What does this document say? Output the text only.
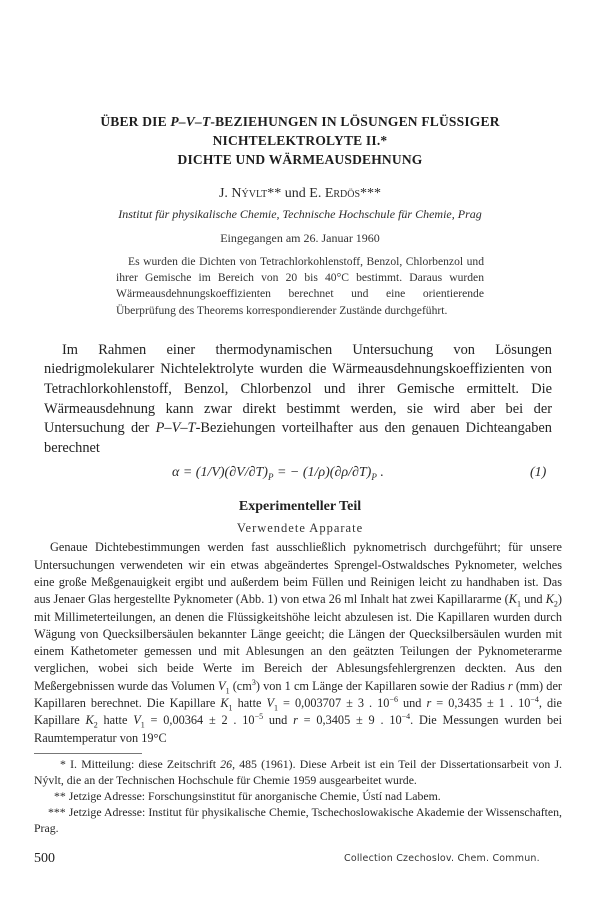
ÜBER DIE P–V–T-BEZIEHUNGEN IN LÖSUNGEN FLÜSSIGER
NICHTELEKTROLYTE II.*
DICHTE UND WÄRMEAUSDEHNUNG
J. Nývlt** und E. Erdös***
Institut für physikalische Chemie, Technische Hochschule für Chemie, Prag
Eingegangen am 26. Januar 1960
Es wurden die Dichten von Tetrachlorkohlenstoff, Benzol, Chlorbenzol und ihrer Gemische im Bereich von 20 bis 40°C bestimmt. Daraus wurden Wärmeausdehnungskoeffizienten berechnet und eine orientierende Überprüfung des Theorems korrespondierender Zustände durchgeführt.
Im Rahmen einer thermodynamischen Untersuchung von Lösungen niedrigmolekularer Nichtelektrolyte wurden die Wärmeausdehnungskoeffizienten von Tetrachlorkohlenstoff, Benzol, Chlorbenzol und ihrer Gemische ermittelt. Die Wärmeausdehnung kann zwar direkt bestimmt werden, sie wird aber bei der Untersuchung der P–V–T-Beziehungen vorteilhafter aus den genauen Dichteangaben berechnet
$\alpha = (1/V)(\partial V/\partial T)_P$ = − $(1/\rho)(\partial\rho/\partial T)_P$ .	(1)
Experimenteller Teil
Verwendete Apparate
Genaue Dichtebestimmungen werden fast ausschließlich pyknometrisch durchgeführt; für unsere Untersuchungen verwendeten wir ein etwas abgeändertes Sprengel-Ostwaldsches Pyknometer, welches eine große Meßgenauigkeit ergibt und außerdem beim Füllen und Reinigen leicht zu handhaben ist. Das aus Jenaer Glas hergestellte Pyknometer (Abb. 1) von etwa 26 ml Inhalt hat zwei Kapillararme ($K_1$ und $K_2$) mit Millimeterteilungen, an denen die Flüssigkeitshöhe leicht abzulesen ist. Die Kapillaren wurden durch Wägung von Quecksilbersäulen bekannter Länge geeicht; die Längen der Quecksilbersäulen wurden mit einem Kathetometer gemessen und mit Ablesungen an den geätzten Teilungen der Pyknometerarme verglichen, wobei sich beide Werte im Bereich der Ablesungsfehlergrenzen deckten. Aus den Meßergebnissen wurde das Volumen $V_1$ $(cm^3)$ von 1 cm Länge der Kapillaren sowie der Radius r (mm) der Kapillaren berechnet. Die Kapillare $K_1$ hatte $V_1 = 0,003707 \pm 3$ . $10^{-6}$ und r = 0,3435 ± 1 . $10^{-4}$, die Kapillare $K_2$ hatte $V_1 = 0,00364 \pm 2$ . $10^{-5}$ und r = 0,3405 ± 9 . $10^{-4}$. Die Messungen wurden bei Raumtemperatur von 19°C
* I. Mitteilung: diese Zeitschrift 26, 485 (1961). Diese Arbeit ist ein Teil der Dissertationsarbeit von J. Nývlt, die an der Technischen Hochschule für Chemie 1959 ausgearbeitet wurde.
** Jetzige Adresse: Forschungsinstitut für anorganische Chemie, Ústí nad Labem.
*** Jetzige Adresse: Institut für physikalische Chemie, Tschechoslowakische Akademie der Wissenschaften, Prag.
500	Collection Czechoslov. Chem. Commun.
